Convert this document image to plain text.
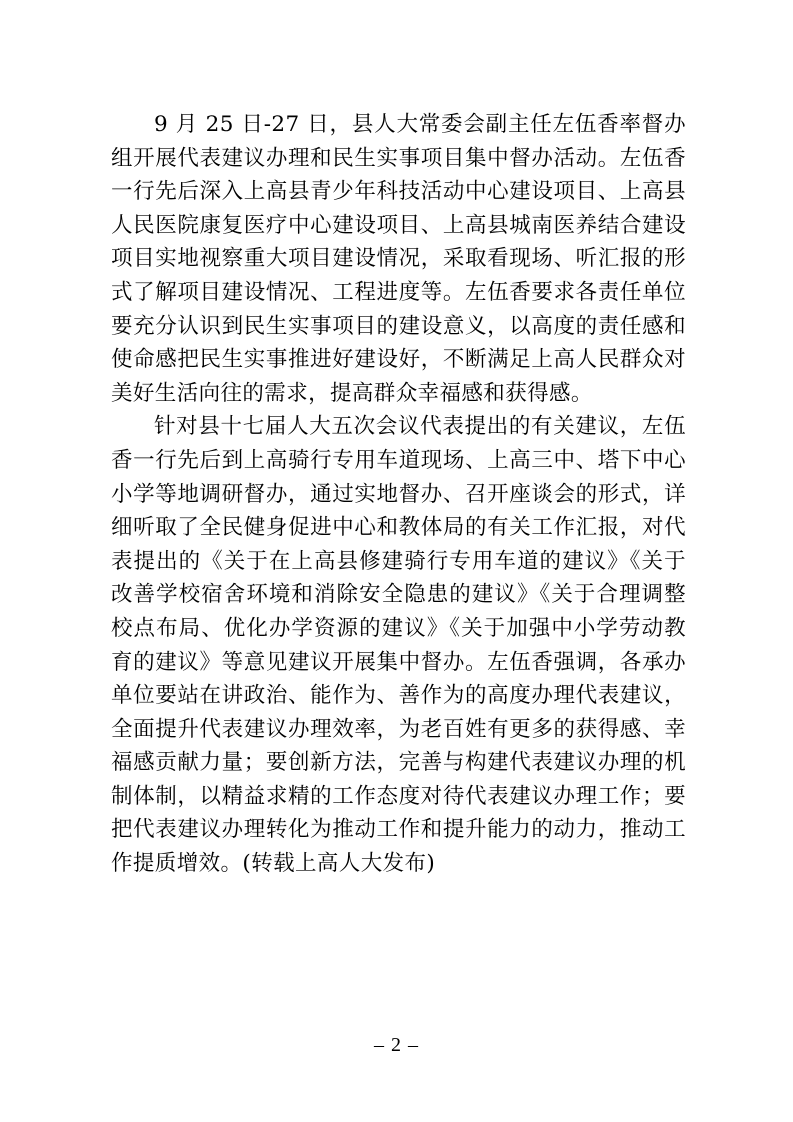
9 月 25 日-27 日，县人大常委会副主任左伍香率督办组开展代表建议办理和民生实事项目集中督办活动。左伍香一行先后深入上高县青少年科技活动中心建设项目、上高县人民医院康复医疗中心建设项目、上高县城南医养结合建设项目实地视察重大项目建设情况，采取看现场、听汇报的形式了解项目建设情况、工程进度等。左伍香要求各责任单位要充分认识到民生实事项目的建设意义，以高度的责任感和使命感把民生实事推进好建设好，不断满足上高人民群众对美好生活向往的需求，提高群众幸福感和获得感。

针对县十七届人大五次会议代表提出的有关建议，左伍香一行先后到上高骑行专用车道现场、上高三中、塔下中心小学等地调研督办，通过实地督办、召开座谈会的形式，详细听取了全民健身促进中心和教体局的有关工作汇报，对代表提出的《关于在上高县修建骑行专用车道的建议》《关于改善学校宿舍环境和消除安全隐患的建议》《关于合理调整校点布局、优化办学资源的建议》《关于加强中小学劳动教育的建议》等意见建议开展集中督办。左伍香强调，各承办单位要站在讲政治、能作为、善作为的高度办理代表建议，全面提升代表建议办理效率，为老百姓有更多的获得感、幸福感贡献力量；要创新方法，完善与构建代表建议办理的机制体制，以精益求精的工作态度对待代表建议办理工作；要把代表建议办理转化为推动工作和提升能力的动力，推动工作提质增效。(转载上高人大发布)

– 2 –
